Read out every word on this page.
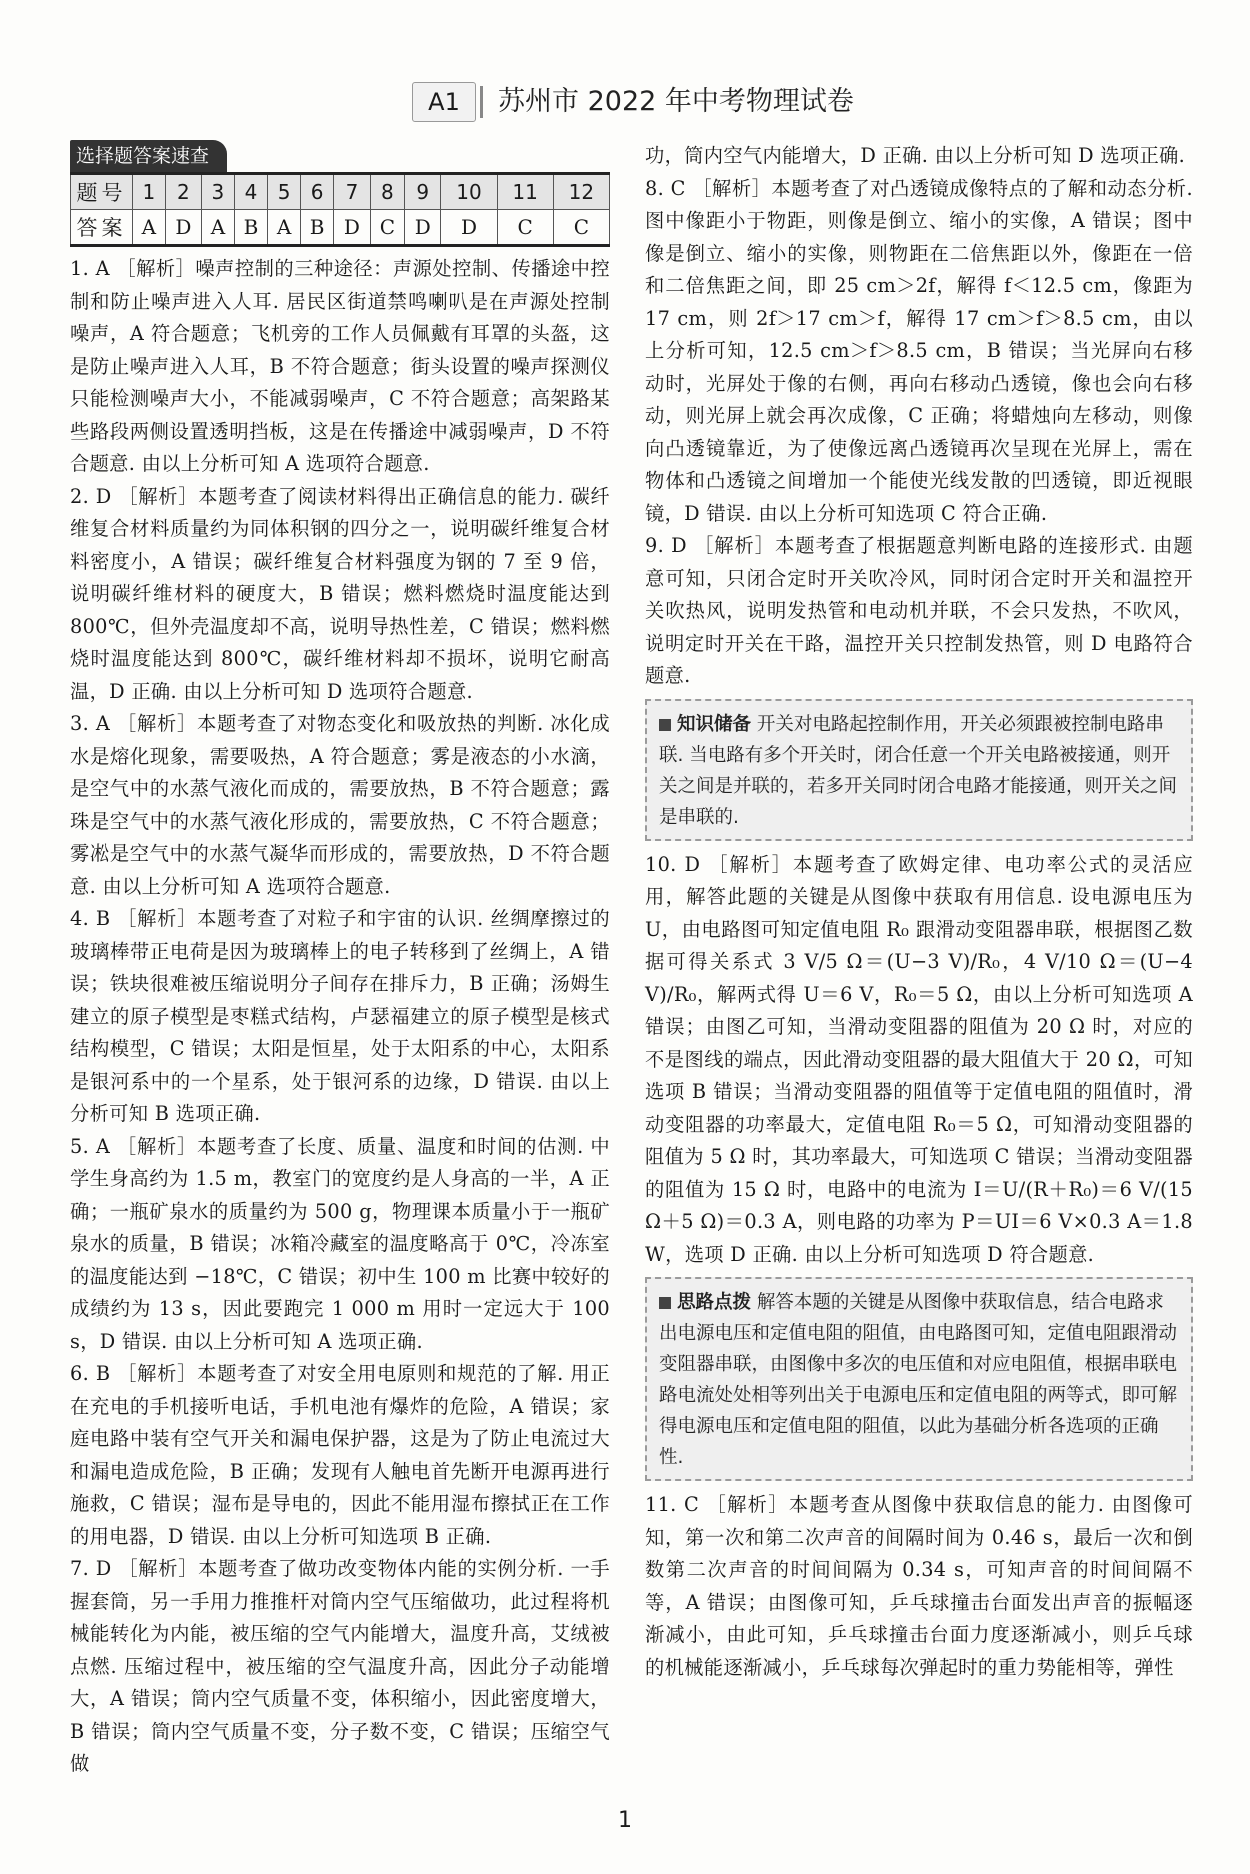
A1	苏州市 2022 年中考物理试卷
选择题答案速查
题号	1	2	3	4	5	6	7	8	9	10	11	12
答案	A	D	A	B	A	B	D	C	D	D	C	C

1. A ［解析］噪声控制的三种途径：声源处控制、传播途中控制和防止噪声进入人耳. 居民区街道禁鸣喇叭是在声源处控制噪声，A 符合题意；飞机旁的工作人员佩戴有耳罩的头盔，这是防止噪声进入人耳，B 不符合题意；街头设置的噪声探测仪只能检测噪声大小，不能减弱噪声，C 不符合题意；高架路某些路段两侧设置透明挡板，这是在传播途中减弱噪声，D 不符合题意. 由以上分析可知 A 选项符合题意.

2. D ［解析］本题考查了阅读材料得出正确信息的能力. 碳纤维复合材料质量约为同体积钢的四分之一，说明碳纤维复合材料密度小，A 错误；碳纤维复合材料强度为钢的 7 至 9 倍，说明碳纤维材料的硬度大，B 错误；燃料燃烧时温度能达到 800℃，但外壳温度却不高，说明导热性差，C 错误；燃料燃烧时温度能达到 800℃，碳纤维材料却不损坏，说明它耐高温，D 正确. 由以上分析可知 D 选项符合题意.

3. A ［解析］本题考查了对物态变化和吸放热的判断. 冰化成水是熔化现象，需要吸热，A 符合题意；雾是液态的小水滴，是空气中的水蒸气液化而成的，需要放热，B 不符合题意；露珠是空气中的水蒸气液化形成的，需要放热，C 不符合题意；雾凇是空气中的水蒸气凝华而形成的，需要放热，D 不符合题意. 由以上分析可知 A 选项符合题意.

4. B ［解析］本题考查了对粒子和宇宙的认识. 丝绸摩擦过的玻璃棒带正电荷是因为玻璃棒上的电子转移到了丝绸上，A 错误；铁块很难被压缩说明分子间存在排斥力，B 正确；汤姆生建立的原子模型是枣糕式结构，卢瑟福建立的原子模型是核式结构模型，C 错误；太阳是恒星，处于太阳系的中心，太阳系是银河系中的一个星系，处于银河系的边缘，D 错误. 由以上分析可知 B 选项正确.

5. A ［解析］本题考查了长度、质量、温度和时间的估测. 中学生身高约为 1.5 m，教室门的宽度约是人身高的一半，A 正确；一瓶矿泉水的质量约为 500 g，物理课本质量小于一瓶矿泉水的质量，B 错误；冰箱冷藏室的温度略高于 0℃，冷冻室的温度能达到 −18℃，C 错误；初中生 100 m 比赛中较好的成绩约为 13 s，因此要跑完 1 000 m 用时一定远大于 100 s，D 错误. 由以上分析可知 A 选项正确.

6. B ［解析］本题考查了对安全用电原则和规范的了解. 用正在充电的手机接听电话，手机电池有爆炸的危险，A 错误；家庭电路中装有空气开关和漏电保护器，这是为了防止电流过大和漏电造成危险，B 正确；发现有人触电首先断开电源再进行施救，C 错误；湿布是导电的，因此不能用湿布擦拭正在工作的用电器，D 错误. 由以上分析可知选项 B 正确.

7. D ［解析］本题考查了做功改变物体内能的实例分析. 一手握套筒，另一手用力推推杆对筒内空气压缩做功，此过程将机械能转化为内能，被压缩的空气内能增大，温度升高，艾绒被点燃. 压缩过程中，被压缩的空气温度升高，因此分子动能增大，A 错误；筒内空气质量不变，体积缩小，因此密度增大，B 错误；筒内空气质量不变，分子数不变，C 错误；压缩空气做

功，筒内空气内能增大，D 正确. 由以上分析可知 D 选项正确.

8. C ［解析］本题考查了对凸透镜成像特点的了解和动态分析. 图中像距小于物距，则像是倒立、缩小的实像，A 错误；图中像是倒立、缩小的实像，则物距在二倍焦距以外，像距在一倍和二倍焦距之间，即 25 cm＞2f，解得 f＜12.5 cm，像距为 17 cm，则 2f＞17 cm＞f，解得 17 cm＞f＞8.5 cm，由以上分析可知，12.5 cm＞f＞8.5 cm，B 错误；当光屏向右移动时，光屏处于像的右侧，再向右移动凸透镜，像也会向右移动，则光屏上就会再次成像，C 正确；将蜡烛向左移动，则像向凸透镜靠近，为了使像远离凸透镜再次呈现在光屏上，需在物体和凸透镜之间增加一个能使光线发散的凹透镜，即近视眼镜，D 错误. 由以上分析可知选项 C 符合正确.

9. D ［解析］本题考查了根据题意判断电路的连接形式. 由题意可知，只闭合定时开关吹冷风，同时闭合定时开关和温控开关吹热风，说明发热管和电动机并联，不会只发热，不吹风，说明定时开关在干路，温控开关只控制发热管，则 D 电路符合题意.

知识储备 开关对电路起控制作用，开关必须跟被控制电路串联. 当电路有多个开关时，闭合任意一个开关电路被接通，则开关之间是并联的，若多开关同时闭合电路才能接通，则开关之间是串联的.

10. D ［解析］本题考查了欧姆定律、电功率公式的灵活应用，解答此题的关键是从图像中获取有用信息. 设电源电压为 U，由电路图可知定值电阻 R₀ 跟滑动变阻器串联，根据图乙数据可得关系式 3 V/5 Ω＝(U−3 V)/R₀，4 V/10 Ω＝(U−4 V)/R₀，解两式得 U＝6 V，R₀＝5 Ω，由以上分析可知选项 A 错误；由图乙可知，当滑动变阻器的阻值为 20 Ω 时，对应的不是图线的端点，因此滑动变阻器的最大阻值大于 20 Ω，可知选项 B 错误；当滑动变阻器的阻值等于定值电阻的阻值时，滑动变阻器的功率最大，定值电阻 R₀＝5 Ω，可知滑动变阻器的阻值为 5 Ω 时，其功率最大，可知选项 C 错误；当滑动变阻器的阻值为 15 Ω 时，电路中的电流为 I＝U/(R＋R₀)＝6 V/(15 Ω＋5 Ω)＝0.3 A，则电路的功率为 P＝UI＝6 V×0.3 A＝1.8 W，选项 D 正确. 由以上分析可知选项 D 符合题意.

思路点拨 解答本题的关键是从图像中获取信息，结合电路求出电源电压和定值电阻的阻值，由电路图可知，定值电阻跟滑动变阻器串联，由图像中多次的电压值和对应电阻值，根据串联电路电流处处相等列出关于电源电压和定值电阻的两等式，即可解得电源电压和定值电阻的阻值，以此为基础分析各选项的正确性.

11. C ［解析］本题考查从图像中获取信息的能力. 由图像可知，第一次和第二次声音的间隔时间为 0.46 s，最后一次和倒数第二次声音的时间间隔为 0.34 s，可知声音的时间间隔不等，A 错误；由图像可知，乒乓球撞击台面发出声音的振幅逐渐减小，由此可知，乒乓球撞击台面力度逐渐减小，则乒乓球的机械能逐渐减小，乒乓球每次弹起时的重力势能相等，弹性

1
